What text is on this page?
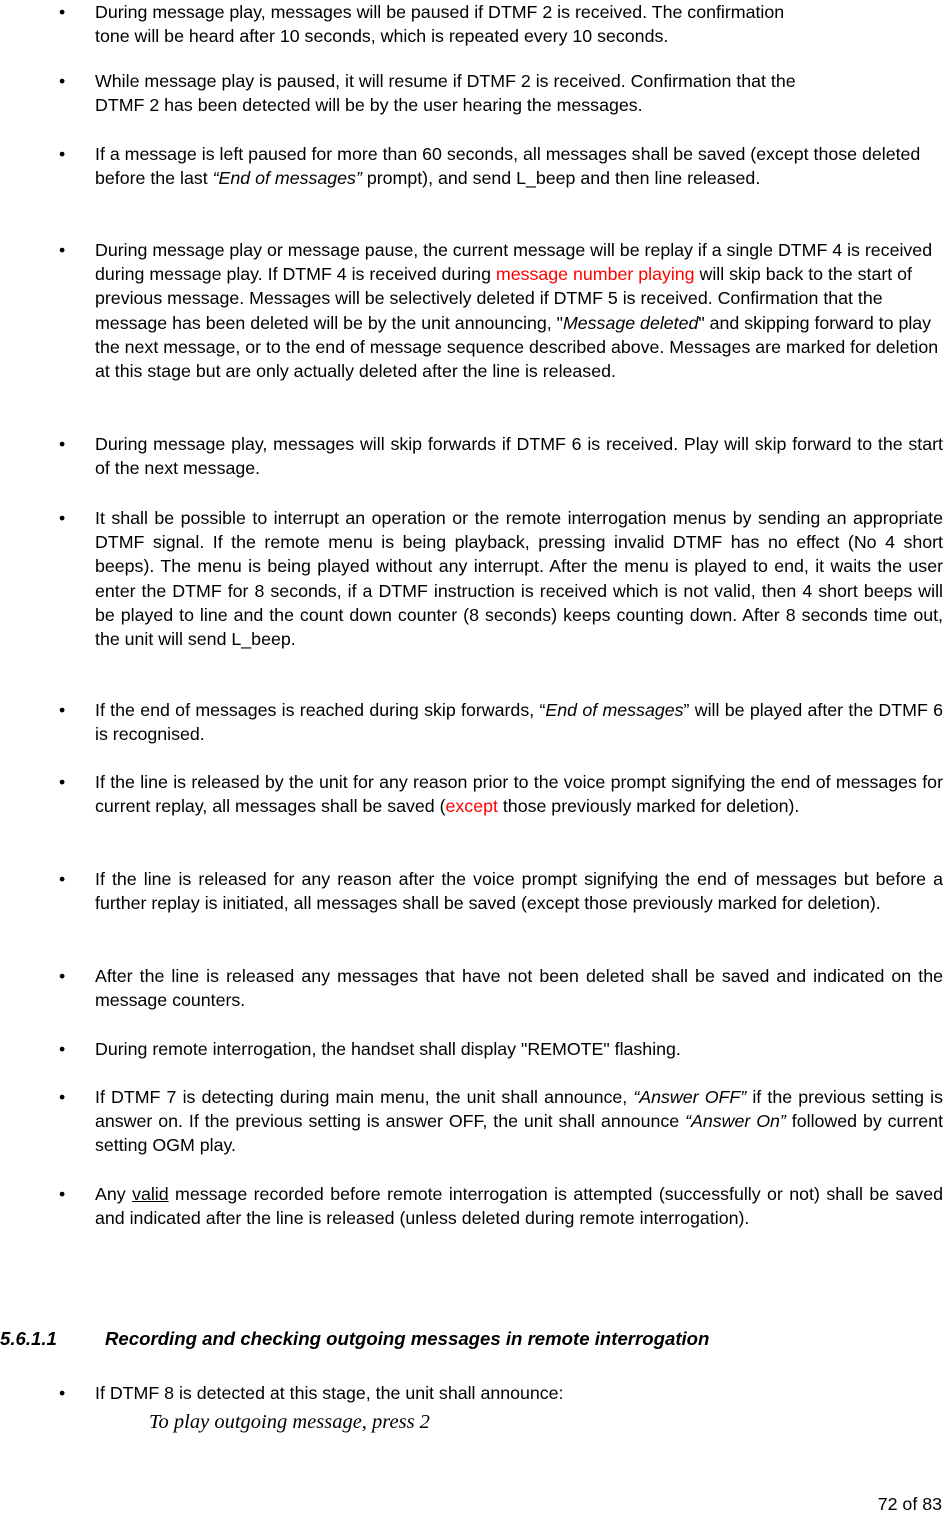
• During message play, messages will be paused if DTMF 2 is received. The confirmation
tone will be heard after 10 seconds, which is repeated every 10 seconds.

• While message play is paused, it will resume if DTMF 2 is received. Confirmation that the
DTMF 2 has been detected will be by the user hearing the messages.

• If a message is left paused for more than 60 seconds, all messages shall be saved (except those deleted before the last “End of messages” prompt), and send L_beep and then line released.

• During message play or message pause, the current message will be replay if a single DTMF 4 is received during message play. If DTMF 4 is received during message number playing will skip back to the start of previous message. Messages will be selectively deleted if DTMF 5 is received. Confirmation that the message has been deleted will be by the unit announcing, "Message deleted" and skipping forward to play the next message, or to the end of message sequence described above. Messages are marked for deletion at this stage but are only actually deleted after the line is released.

• During message play, messages will skip forwards if DTMF 6 is received. Play will skip forward to the start of the next message.

• It shall be possible to interrupt an operation or the remote interrogation menus by sending an appropriate DTMF signal. If the remote menu is being playback, pressing invalid DTMF has no effect (No 4 short beeps). The menu is being played without any interrupt. After the menu is played to end, it waits the user enter the DTMF for 8 seconds, if a DTMF instruction is received which is not valid, then 4 short beeps will be played to line and the count down counter (8 seconds) keeps counting down. After 8 seconds time out, the unit will send L_beep.

• If the end of messages is reached during skip forwards, “End of messages” will be played after the DTMF 6 is recognised.

• If the line is released by the unit for any reason prior to the voice prompt signifying the end of messages for current replay, all messages shall be saved (except those previously marked for deletion).

• If the line is released for any reason after the voice prompt signifying the end of messages but before a further replay is initiated, all messages shall be saved (except those previously marked for deletion).

• After the line is released any messages that have not been deleted shall be saved and indicated on the message counters.

• During remote interrogation, the handset shall display "REMOTE" flashing.

• If DTMF 7 is detecting during main menu, the unit shall announce, “Answer OFF” if the previous setting is answer on. If the previous setting is answer OFF, the unit shall announce “Answer On” followed by current setting OGM play.

• Any valid message recorded before remote interrogation is attempted (successfully or not) shall be saved and indicated after the line is released (unless deleted during remote interrogation).

• If DTMF 8 is detected at this stage, the unit shall announce:

5.6.1.1	Recording and checking outgoing messages in remote interrogation

To play outgoing message, press 2

72 of 83
